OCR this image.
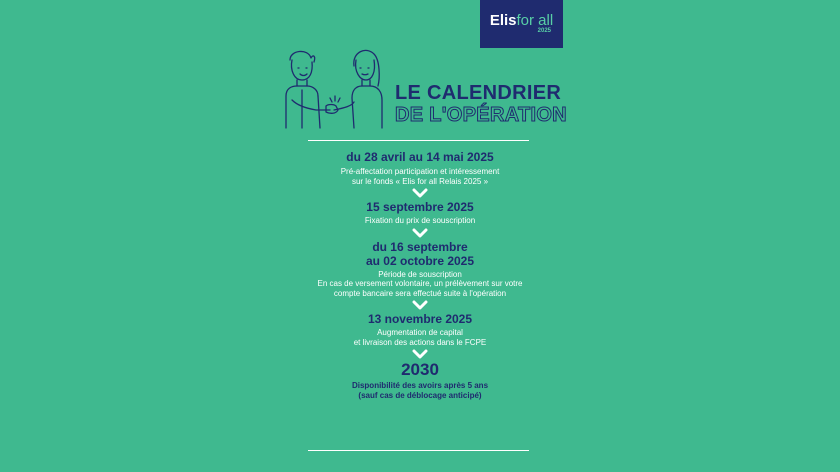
Elisfor all
2025
LE CALENDRIER
DE L'OPÉRATION
du 28 avril au 14 mai 2025
Pré-affectation participation et intéressement
sur le fonds « Elis for all Relais 2025 »
15 septembre 2025
Fixation du prix de souscription
du 16 septembre
au 02 octobre 2025
Période de souscription
En cas de versement volontaire, un prélèvement sur votre
compte bancaire sera effectué suite à l'opération
13 novembre 2025
Augmentation de capital
et livraison des actions dans le FCPE
2030
Disponibilité des avoirs après 5 ans
(sauf cas de déblocage anticipé)
